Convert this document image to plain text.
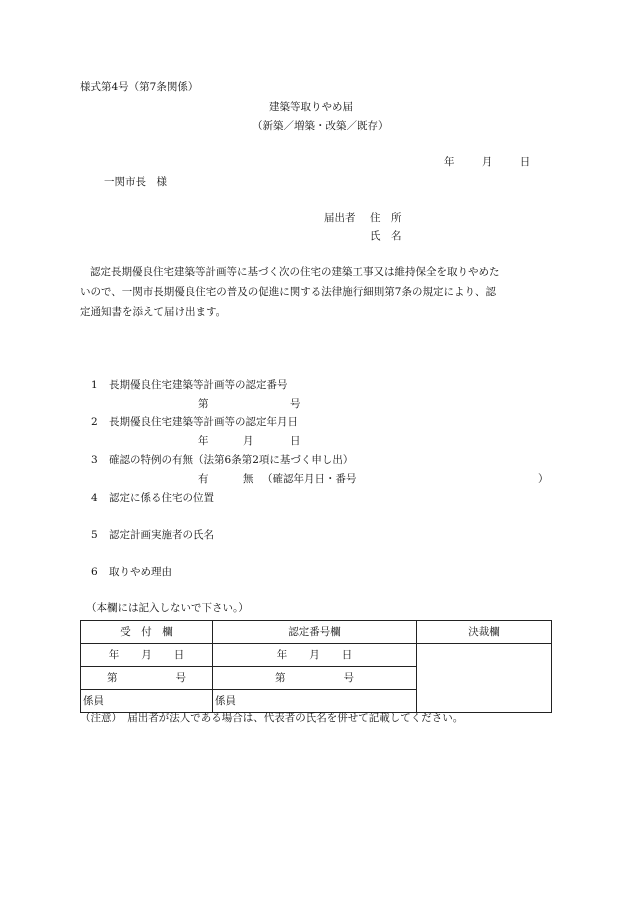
様式第4号（第7条関係）
建築等取りやめ届
（新築／増築・改築／既存）
年	月	日
一関市長　様
届出者 住　所
氏　名
認定長期優良住宅建築等計画等に基づく次の住宅の建築工事又は維持保全を取りやめた
いので、一関市長期優良住宅の普及の促進に関する法律施行細則第7条の規定により、認
定通知書を添えて届け出ます。
1 長期優良住宅建築等計画等の認定番号
第	号
2 長期優良住宅建築等計画等の認定年月日
年	月	日
3 確認の特例の有無（法第6条第2項に基づく申し出）
有	無 （確認年月日・番号	）
4 認定に係る住宅の位置
5 認定計画実施者の氏名
6 取りやめ理由
（本欄には記入しないで下さい。）
受　付　欄	認定番号欄	決裁欄
年 月 日	年 月 日	
第 号	第 号	
係員	係員	
（注意）　届出者が法人である場合は、代表者の氏名を併せて記載してください。
